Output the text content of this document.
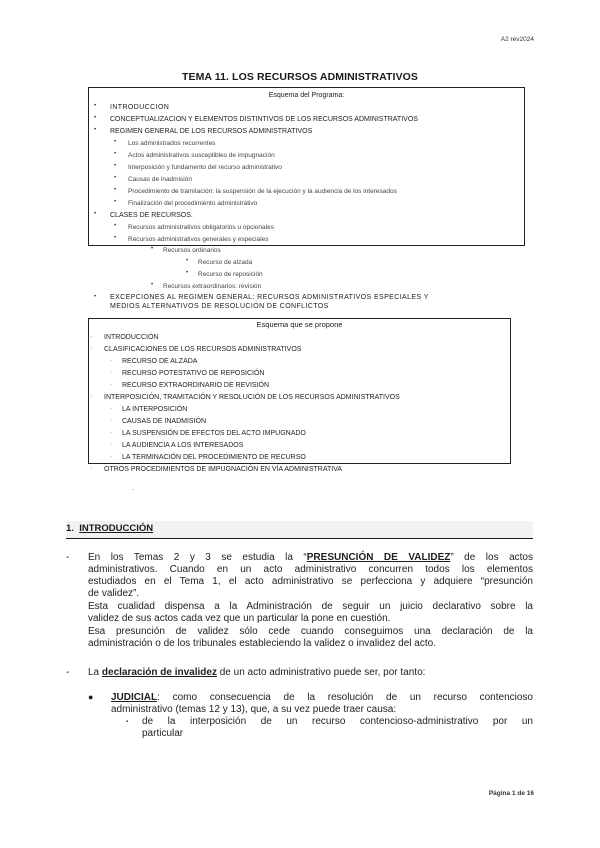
A2 rev2024
TEMA 11. LOS RECURSOS ADMINISTRATIVOS
Esquema del Programa:
• INTRODUCCION
• CONCEPTUALIZACION Y ELEMENTOS DISTINTIVOS DE LOS RECURSOS ADMINISTRATIVOS
• REGIMEN GENERAL DE LOS RECURSOS ADMINISTRATIVOS
• Los administrados recurrentes
• Actos administrativos susceptibles de impugnación
• Interposición y fundamento del recurso administrativo
• Causas de inadmisión
• Procedimiento de tramitación: la suspensión de la ejecución y la audiencia de los interesados
• Finalización del procedimiento administrativo
• CLASES DE RECURSOS.
• Recursos administrativos obligatorios u opcionales
• Recursos administrativos generales y especiales
• Recursos ordinarios
• Recurso de alzada
• Recurso de reposición
• Recursos extraordinarios: revisión
• EXCEPCIONES AL REGIMEN GENERAL: RECURSOS ADMINISTRATIVOS ESPECIALES Y
MEDIOS ALTERNATIVOS DE RESOLUCIÓN DE CONFLICTOS
Esquema que se propone
· INTRODUCCIÓN
· CLASIFICACIONES DE LOS RECURSOS ADMINISTRATIVOS
· RECURSO DE ALZADA
· RECURSO POTESTATIVO DE REPOSICIÓN
· RECURSO EXTRAORDINARIO DE REVISIÓN
· INTERPOSICIÓN, TRAMITACIÓN Y RESOLUCIÓN DE LOS RECURSOS ADMINISTRATIVOS
· LA INTERPOSICIÓN
· CAUSAS DE INADMISIÓN
· LA SUSPENSIÓN DE EFECTOS DEL ACTO IMPUGNADO
· LA AUDIENCIA A LOS INTERESADOS
· LA TERMINACIÓN DEL PROCEDIMIENTO DE RECURSO
· OTROS PROCEDIMIENTOS DE IMPUGNACIÓN EN VÍA ADMINISTRATIVA
.
1. INTRODUCCIÓN
- En los Temas 2 y 3 se estudia la “PRESUNCIÓN DE VALIDEZ” de los actos
administrativos. Cuando en un acto administrativo concurren todos los elementos
estudiados en el Tema 1, el acto administrativo se perfecciona y adquiere “presunción
de validez”.
Esta cualidad dispensa a la Administración de seguir un juicio declarativo sobre la
validez de sus actos cada vez que un particular la pone en cuestión.
Esa presunción de validez sólo cede cuando conseguimos una declaración de la
administración o de los tribunales estableciendo la validez o invalidez del acto.
- La declaración de invalidez de un acto administrativo puede ser, por tanto:
● JUDICIAL: como consecuencia de la resolución de un recurso contencioso
administrativo (temas 12 y 13), que, a su vez puede traer causa:
▪ de la interposición de un recurso contencioso-administrativo por un
particular
Página 1 de 16
